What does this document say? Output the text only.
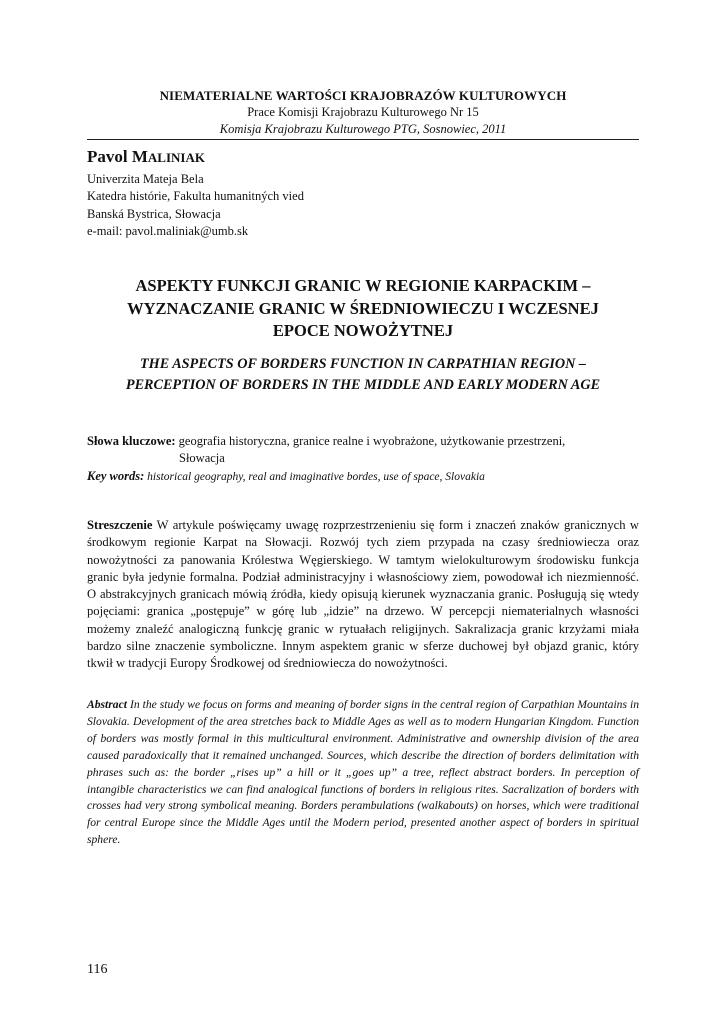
NIEMATERIALNE WARTOŚCI KRAJOBRAZÓW KULTUROWYCH
Prace Komisji Krajobrazu Kulturowego Nr 15
Komisja Krajobrazu Kulturowego PTG, Sosnowiec, 2011
Pavol MALINIAK
Univerzita Mateja Bela
Katedra histórie, Fakulta humanitných vied
Banská Bystrica, Słowacja
e-mail: pavol.maliniak@umb.sk
ASPEKTY FUNKCJI GRANIC W REGIONIE KARPACKIM –
WYZNACZANIE GRANIC W ŚREDNIOWIECZU I WCZESNEJ
EPOCE NOWOŻYTNEJ
THE ASPECTS OF BORDERS FUNCTION IN CARPATHIAN REGION –
PERCEPTION OF BORDERS IN THE MIDDLE AND EARLY MODERN AGE
Słowa kluczowe: geografia historyczna, granice realne i wyobrażone, użytkowanie przestrzeni,
Słowacja
Key words: historical geography, real and imaginative bordes, use of space, Slovakia
Streszczenie W artykule poświęcamy uwagę rozprzestrzenieniu się form i znaczeń znaków granicznych w środkowym regionie Karpat na Słowacji. Rozwój tych ziem przypada na czasy średniowiecza oraz nowożytności za panowania Królestwa Węgierskiego. W tamtym wielokulturowym środowisku funkcja granic była jedynie formalna. Podział administracyjny i własnościowy ziem, powodował ich niezmienność. O abstrakcyjnych granicach mówią źródła, kiedy opisują kierunek wyznaczania granic. Posługują się wtedy pojęciami: granica „postępuje” w górę lub „idzie” na drzewo. W percepcji niematerialnych własności możemy znaleźć analogiczną funkcję granic w rytuałach religijnych. Sakralizacja granic krzyżami miała bardzo silne znaczenie symboliczne. Innym aspektem granic w sferze duchowej był objazd granic, który tkwił w tradycji Europy Środkowej od średniowiecza do nowożytności.
Abstract In the study we focus on forms and meaning of border signs in the central region of Carpathian Mountains in Slovakia. Development of the area stretches back to Middle Ages as well as to modern Hungarian Kingdom. Function of borders was mostly formal in this multicultural environment. Administrative and ownership division of the area caused paradoxically that it remained unchanged. Sources, which describe the direction of borders delimitation with phrases such as: the border „rises up” a hill or it „goes up” a tree, reflect abstract borders. In perception of intangible characteristics we can find analogical functions of borders in religious rites. Sacralization of borders with crosses had very strong symbolical meaning. Borders perambulations (walkabouts) on horses, which were traditional for central Europe since the Middle Ages until the Modern period, presented another aspect of borders in spiritual sphere.
116
